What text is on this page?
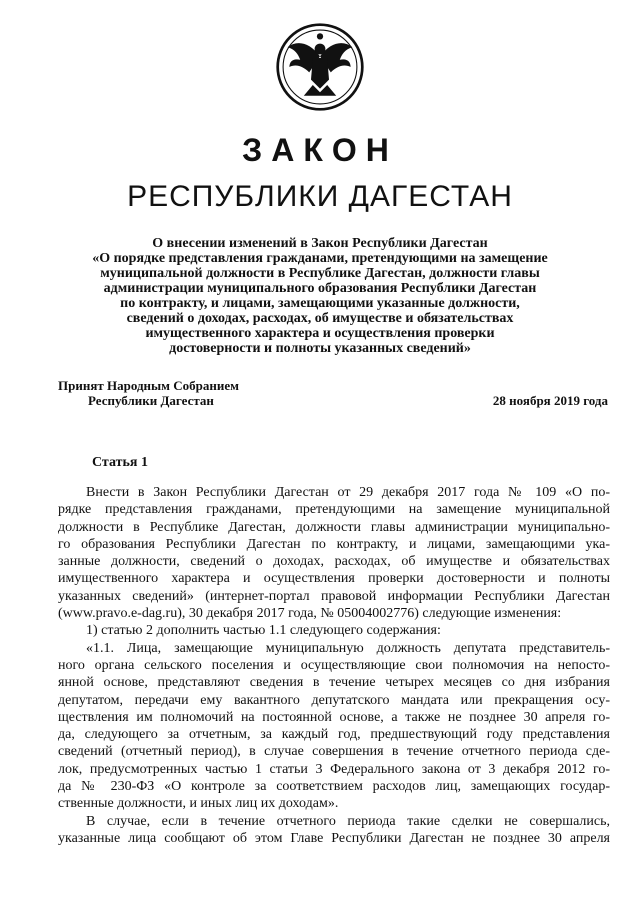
ЗАКОН
РЕСПУБЛИКИ ДАГЕСТАН
О внесении изменений в Закон Республики Дагестан
«О порядке представления гражданами, претендующими на замещение
муниципальной должности в Республике Дагестан, должности главы
администрации муниципального образования Республики Дагестан
по контракту, и лицами, замещающими указанные должности,
сведений о доходах, расходах, об имуществе и обязательствах
имущественного характера и осуществления проверки
достоверности и полноты указанных сведений»
Принят Народным Собранием
Республики Дагестан	28 ноября 2019 года
Статья 1
Внести в Закон Республики Дагестан от 29 декабря 2017 года № 109 «О по-
рядке представления гражданами, претендующими на замещение муниципальной
должности в Республике Дагестан, должности главы администрации муниципально-
го образования Республики Дагестан по контракту, и лицами, замещающими ука-
занные должности, сведений о доходах, расходах, об имуществе и обязательствах
имущественного характера и осуществления проверки достоверности и полноты
указанных сведений» (интернет-портал правовой информации Республики Дагестан
(www.pravo.e-dag.ru), 30 декабря 2017 года, № 05004002776) следующие изменения:
1) статью 2 дополнить частью 1.1 следующего содержания:
«1.1. Лица, замещающие муниципальную должность депутата представитель-
ного органа сельского поселения и осуществляющие свои полномочия на непосто-
янной основе, представляют сведения в течение четырех месяцев со дня избрания
депутатом, передачи ему вакантного депутатского мандата или прекращения осу-
ществления им полномочий на постоянной основе, а также не позднее 30 апреля го-
да, следующего за отчетным, за каждый год, предшествующий году представления
сведений (отчетный период), в случае совершения в течение отчетного периода сде-
лок, предусмотренных частью 1 статьи 3 Федерального закона от 3 декабря 2012 го-
да № 230-ФЗ «О контроле за соответствием расходов лиц, замещающих государ-
ственные должности, и иных лиц их доходам».
В случае, если в течение отчетного периода такие сделки не совершались,
указанные лица сообщают об этом Главе Республики Дагестан не позднее 30 апреля
